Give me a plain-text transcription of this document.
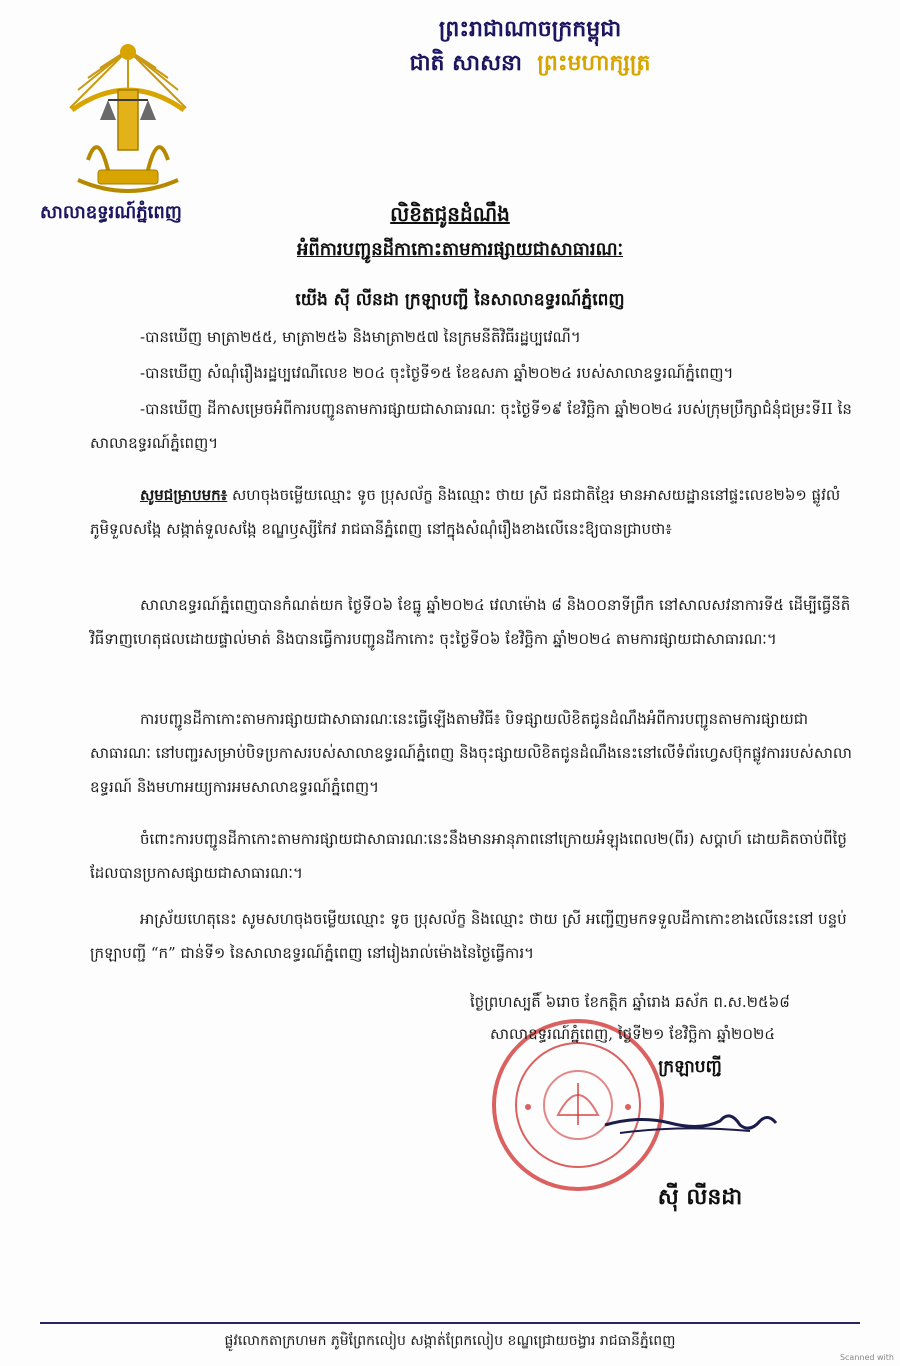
ព្រះរាជាណាចក្រកម្ពុជា
ជាតិ សាសនា ព្រះមហាក្សត្រ
សាលាឧទ្ធរណ៍ភ្នំពេញ	លិខិតជូនដំណឹង
អំពីការបញ្ជូនដីកាកោះតាមការផ្សាយជាសាធារណៈ
យើង ស៊ី លីនដា ក្រឡាបញ្ជី នៃសាលាឧទ្ធរណ៍ភ្នំពេញ
-បានឃើញ មាត្រា២៥៥, មាត្រា២៥៦ និងមាត្រា២៥៧ នៃក្រមនីតិវិធីរដ្ឋប្បវេណី។
-បានឃើញ សំណុំរឿងរដ្ឋប្បវេណីលេខ ២០៤ ចុះថ្ងៃទី១៥ ខែឧសភា ឆ្នាំ២០២៤ របស់សាលាឧទ្ធរណ៍ភ្នំពេញ។
-បានឃើញ ដីកាសម្រេចអំពីការបញ្ជូនតាមការផ្សាយជាសាធារណៈ ចុះថ្ងៃទី១៩ ខែវិច្ឆិកា ឆ្នាំ២០២៤ របស់ក្រុមប្រឹក្សាជំនុំជម្រះទីII នៃសាលាឧទ្ធរណ៍ភ្នំពេញ។
សូមជម្រាបមក៖ សហចុងចម្លើយឈ្មោះ ទូច ប្រុសល័ក្ខ និងឈ្មោះ ថាយ ស្រី ជនជាតិខ្មែរ មានអាសយដ្ឋាននៅផ្ទះលេខ២៦១ ផ្លូវលំ ភូមិទួលសង្កែ សង្កាត់ទួលសង្កែ ខណ្ឌឫស្សីកែវ រាជធានីភ្នំពេញ នៅក្នុងសំណុំរឿងខាងលើនេះឱ្យបានជ្រាបថា៖
សាលាឧទ្ធរណ៍ភ្នំពេញបានកំណត់យក ថ្ងៃទី០៦ ខែធ្នូ ឆ្នាំ២០២៤ វេលាម៉ោង ៨ និង០០នាទីព្រឹក នៅសាលសវនាការទី៥ ដើម្បីធ្វើនីតិវិធីទាញហេតុផលដោយផ្ទាល់មាត់ និងបានធ្វើការបញ្ជូនដីកាកោះ ចុះថ្ងៃទី០៦ ខែវិច្ឆិកា ឆ្នាំ២០២៤ តាមការផ្សាយជាសាធារណៈ។
ការបញ្ជូនដីកាកោះតាមការផ្សាយជាសាធារណៈនេះធ្វើឡើងតាមវិធី៖ បិទផ្សាយលិខិតជូនដំណឹងអំពីការបញ្ជូនតាមការផ្សាយជាសាធារណៈ នៅបញ្ជរសម្រាប់បិទប្រកាសរបស់សាលាឧទ្ធរណ៍ភ្នំពេញ និងចុះផ្សាយលិខិតជូនដំណឹងនេះនៅលើទំព័រហ្វេសប៊ុកផ្លូវការរបស់សាលាឧទ្ធរណ៍ និងមហាអយ្យការអមសាលាឧទ្ធរណ៍ភ្នំពេញ។
ចំពោះការបញ្ជូនដីកាកោះតាមការផ្សាយជាសាធារណៈនេះនឹងមានអានុភាពនៅក្រោយអំឡុងពេល២(ពីរ) សប្តាហ៍ ដោយគិតចាប់ពីថ្ងៃដែលបានប្រកាសផ្សាយជាសាធារណៈ។
អាស្រ័យហេតុនេះ សូមសហចុងចម្លើយឈ្មោះ ទូច ប្រុសល័ក្ខ និងឈ្មោះ ថាយ ស្រី អញ្ជើញមកទទួលដីកាកោះខាងលើនេះនៅ បន្ទប់ក្រឡាបញ្ជី “ក” ជាន់ទី១ នៃសាលាឧទ្ធរណ៍ភ្នំពេញ នៅរៀងរាល់ម៉ោងនៃថ្ងៃធ្វើការ។
ថ្ងៃព្រហស្បតិ៍ ៦រោច ខែកត្តិក ឆ្នាំរោង ឆស័ក ព.ស.២៥៦៨
សាលាឧទ្ធរណ៍ភ្នំពេញ, ថ្ងៃទី២១ ខែវិច្ឆិកា ឆ្នាំ២០២៤
ក្រឡាបញ្ជី
ស៊ី លីនដា
ផ្លូវលោកតាក្រហមក ភូមិព្រែកលៀប សង្កាត់ព្រែកលៀប ខណ្ឌជ្រោយចង្វារ រាជធានីភ្នំពេញ
Scanned with
